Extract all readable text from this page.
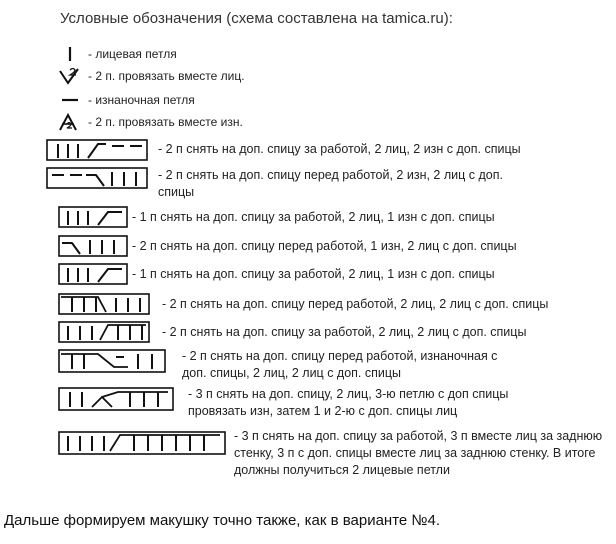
Условные обозначения (схема составлена на tamica.ru):
- лицевая петля
- 2 п. провязать вместе лиц.
- изнаночная петля
- 2 п. провязать вместе изн.
- 2 п снять на доп. спицу за работой, 2 лиц, 2 изн с доп. спицы
- 2 п снять на доп. спицу перед работой, 2 изн, 2 лиц с доп. спицы
- 1 п снять на доп. спицу за работой, 2 лиц, 1 изн с доп. спицы
- 2 п снять на доп. спицу перед работой, 1 изн, 2 лиц с доп. спицы
- 1 п снять на доп. спицу за работой, 2 лиц, 1 изн с доп. спицы
- 2 п снять на доп. спицу перед работой, 2 лиц, 2 лиц с доп. спицы
- 2 п снять на доп. спицу за работой, 2 лиц, 2 лиц с доп. спицы
- 2 п снять на доп. спицу перед работой, изнаночная с доп. спицы, 2 лиц, 2 лиц с доп. спицы
- 3 п снять на доп. спицу, 2 лиц, 3-ю петлю с доп спицы провязать изн, затем 1 и 2-ю с доп. спицы лиц
- 3 п снять на доп. спицу за работой, 3 п вместе лиц за заднюю стенку, 3 п с доп. спицы вместе лиц за заднюю стенку. В итоге должны получиться 2 лицевые петли
Дальше формируем макушку точно также, как в варианте №4.
